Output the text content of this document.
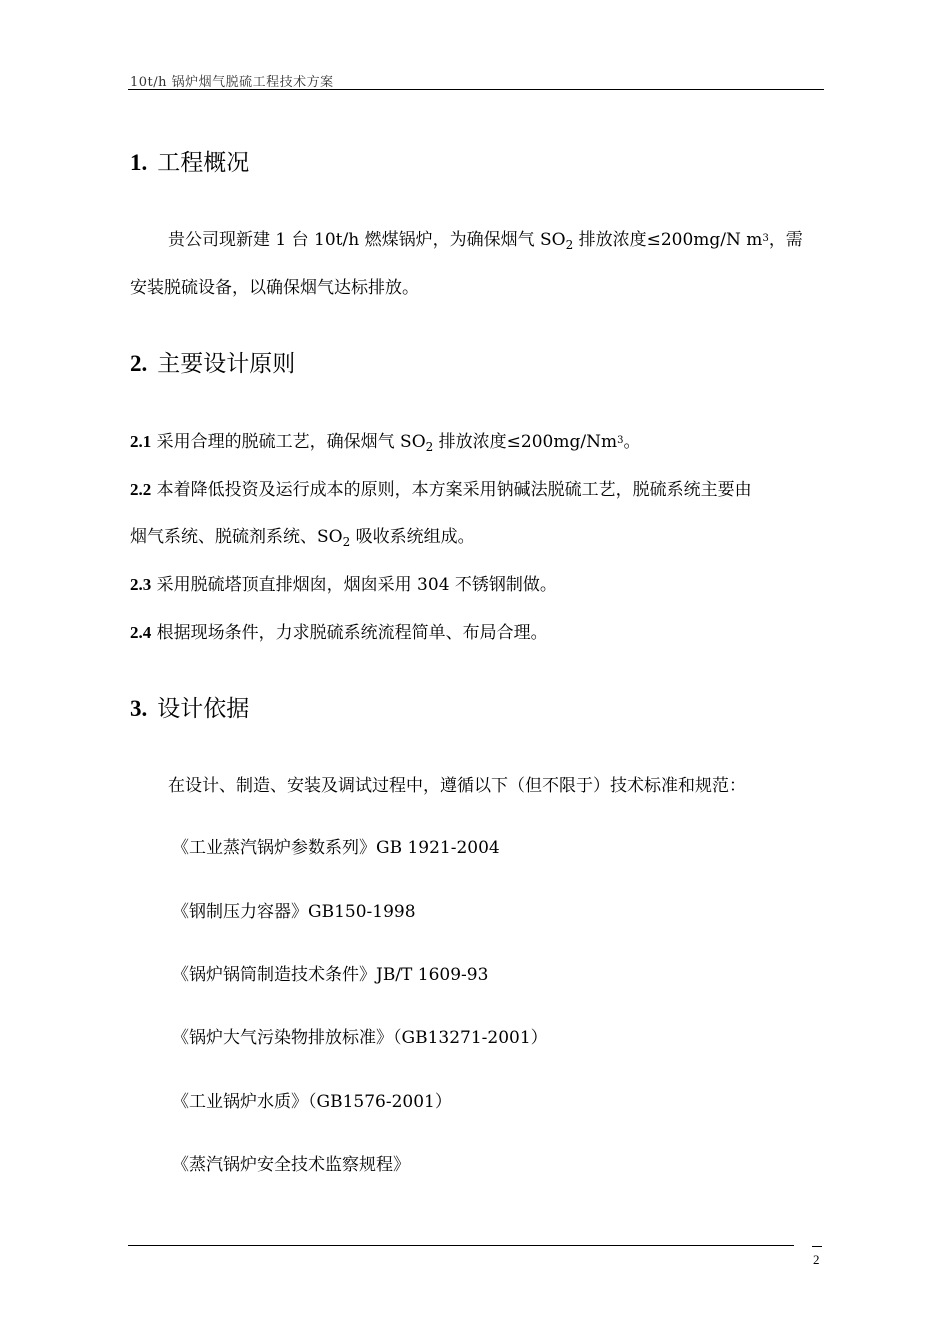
10t/h 锅炉烟气脱硫工程技术方案
1. 工程概况
贵公司现新建 1 台 10t/h 燃煤锅炉，为确保烟气 $SO_2$ 排放浓度≤200mg/N $m^3$，需
安装脱硫设备，以确保烟气达标排放。
2. 主要设计原则
2.1 采用合理的脱硫工艺，确保烟气 $SO_2$ 排放浓度$\le 200mg/Nm^3$。
2.2 本着降低投资及运行成本的原则，本方案采用钠碱法脱硫工艺，脱硫系统主要由
烟气系统、脱硫剂系统、$SO_2$ 吸收系统组成。
2.3 采用脱硫塔顶直排烟囱，烟囱采用 304 不锈钢制做。
2.4 根据现场条件，力求脱硫系统流程简单、布局合理。
3. 设计依据
在设计、制造、安装及调试过程中，遵循以下（但不限于）技术标准和规范：
《工业蒸汽锅炉参数系列》GB 1921-2004
《钢制压力容器》GB150-1998
《锅炉锅筒制造技术条件》JB/T 1609-93
《锅炉大气污染物排放标准》（GB13271-2001）
《工业锅炉水质》（GB1576-2001）
《蒸汽锅炉安全技术监察规程》
2
